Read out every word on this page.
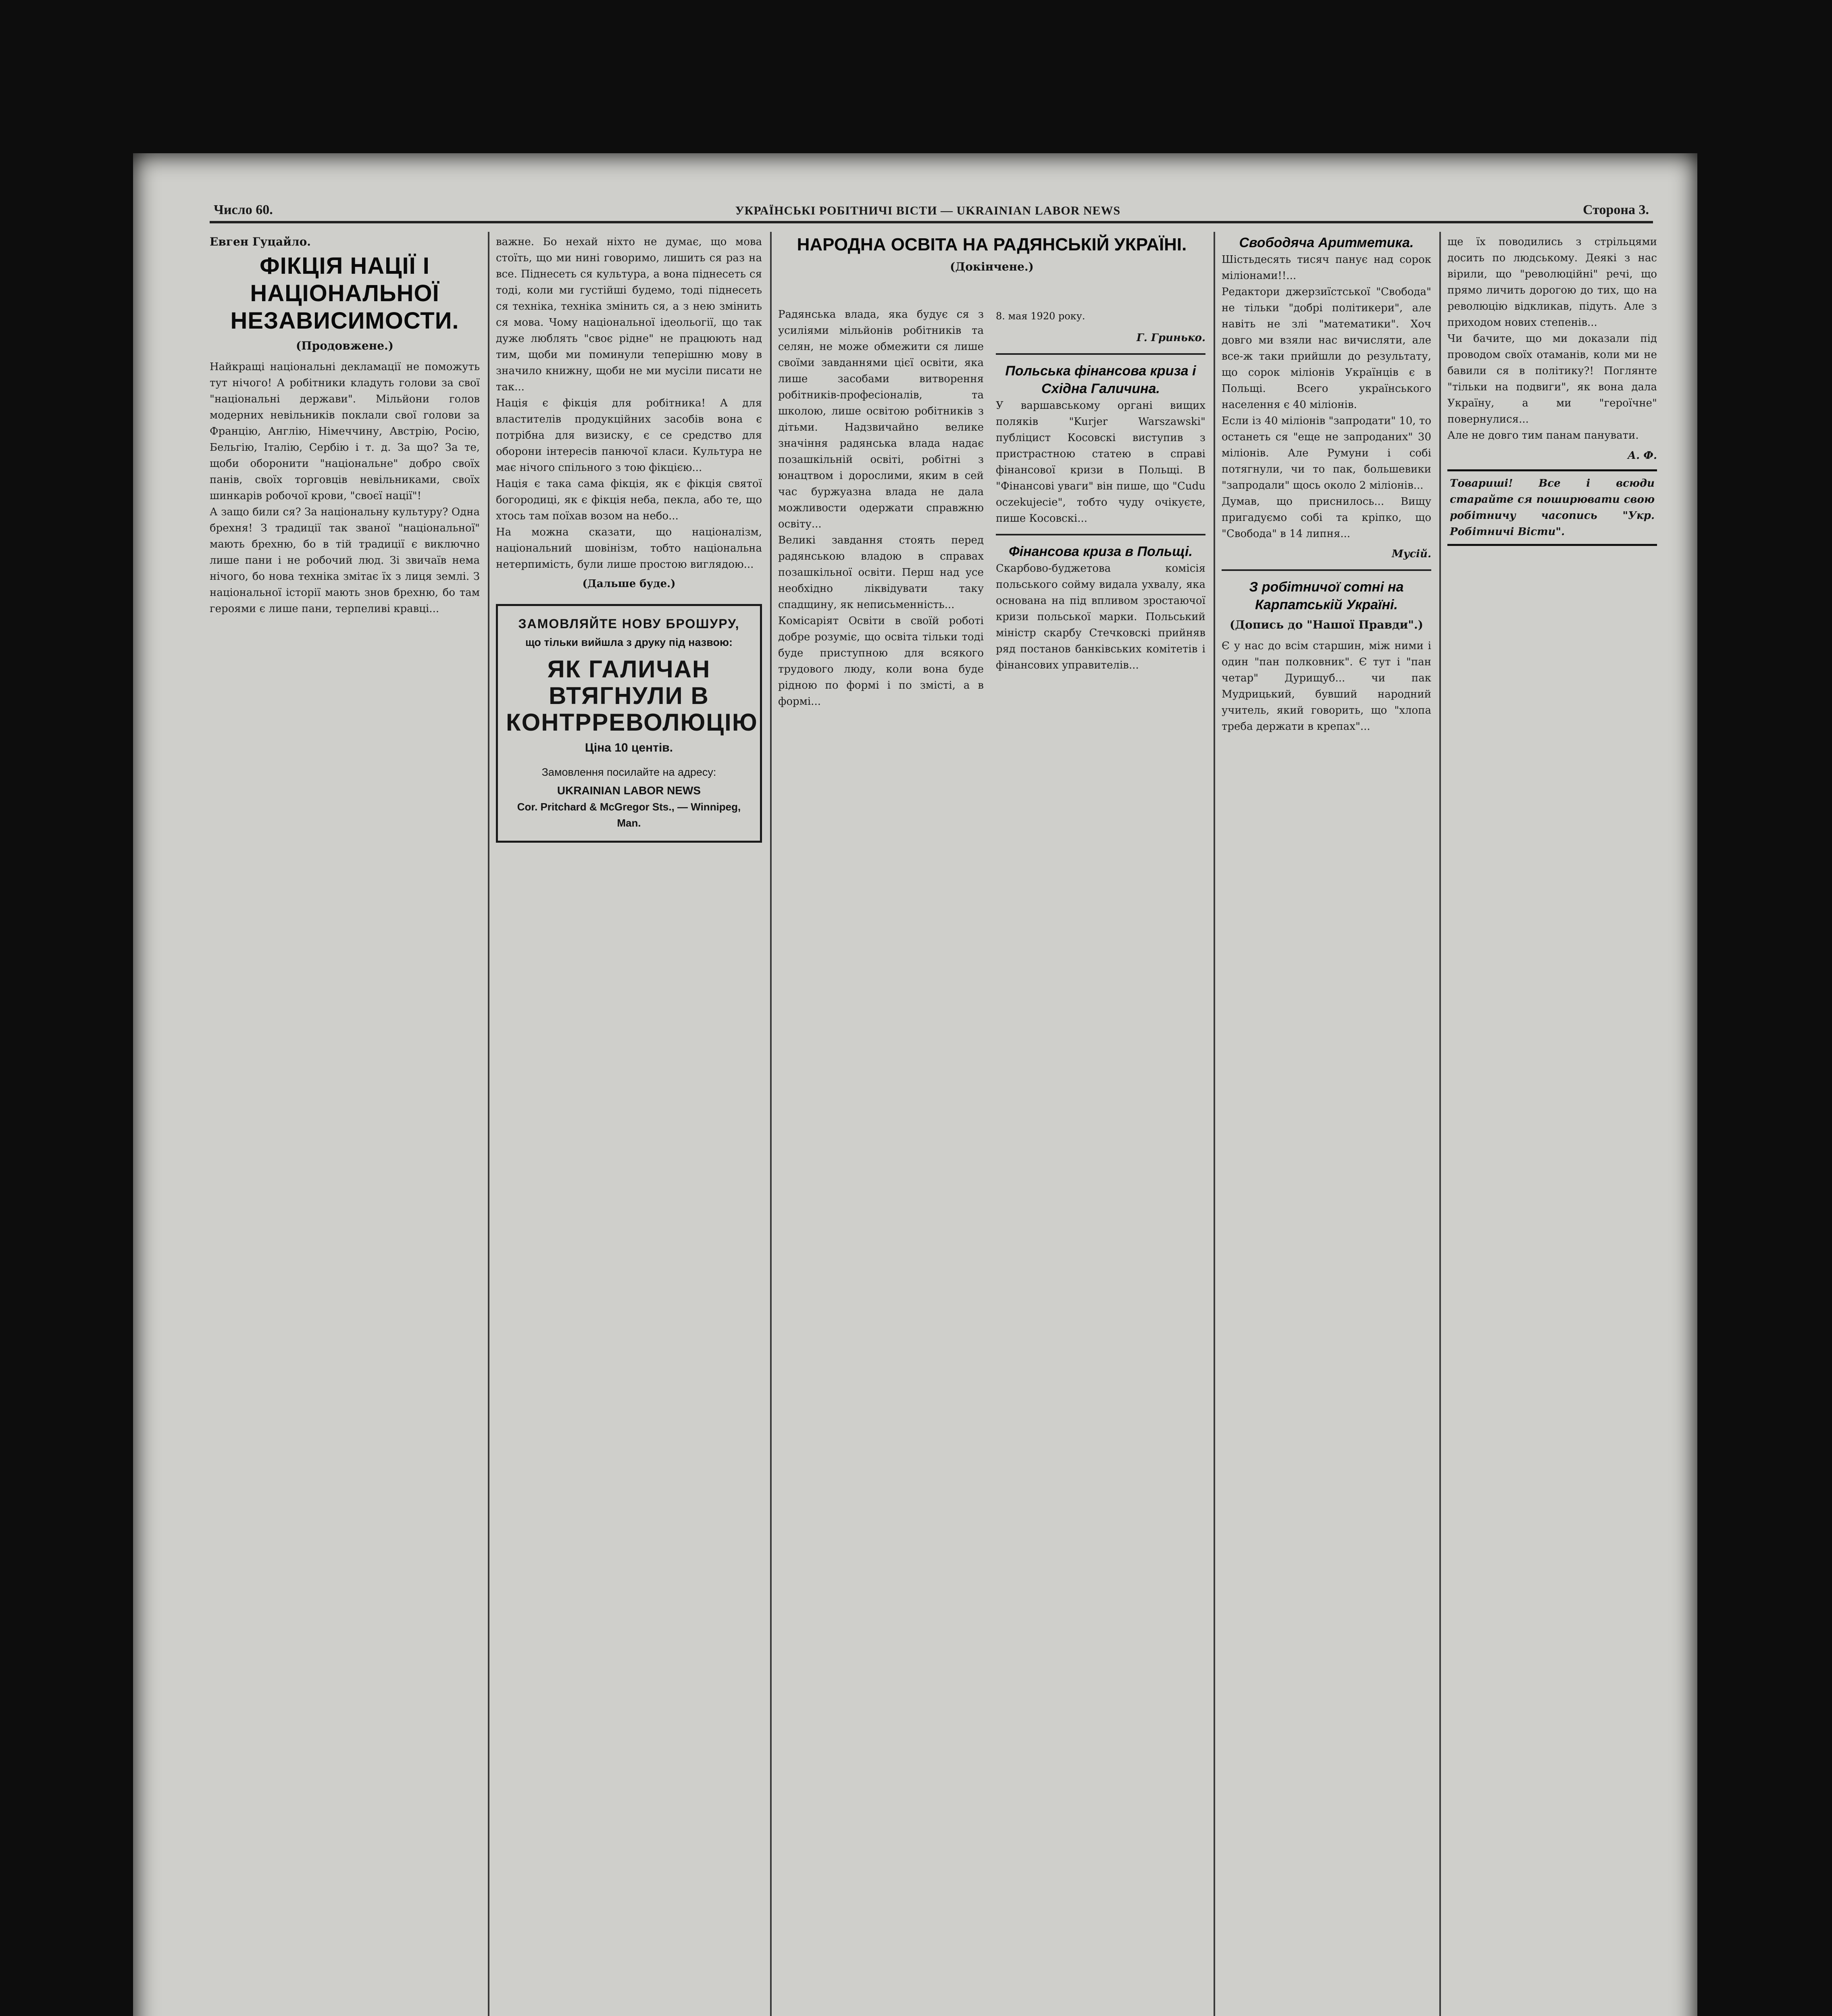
Число 60.	УКРАЇНСЬКІ РОБІТНИЧІ ВІСТИ — UKRAINIAN LABOR NEWS	Сторона 3.
Евген Гуцайло.
ФІКЦІЯ НАЦІЇ І НАЦІОНАЛЬНОЇ НЕЗАВИСИМОСТИ.
(Продовжене.)
Найкращі національні декламації не поможуть тут нічого! А робітники кладуть голови за свої "національні держави". Мільйони голов модерних невільників поклали свої голови за Францію, Англію, Німеччину, Австрію, Росію, Бельгію, Італію, Сербію і т. д. За що? За те, щоби оборонити "національне" добро своїх панів, своїх торговців невільниками, своїх шинкарів робочої крови, "своєї нації"!
А защо били ся? За національну культуру? Одна брехня! З традиції так званої "національної" мають брехню, бо в тій традиції є виключно лише пани і не робочий люд. Зі звичаїв нема нічого, бо нова техніка змітає їх з лиця землі. З національної історії мають знов брехню, бо там героями є лише пани, терпеливі кравці...
важне. Бо нехай ніхто не думає, що мова стоїть, що ми нині говоримо, лишить ся раз на все. Піднесеть ся культура, а вона піднесеть ся тоді, коли ми густійші будемо, тоді піднесеть ся техніка, техніка змінить ся, а з нею змінить ся мова. Чому національної ідеольогії, що так дуже люблять "своє рідне" не працюють над тим, щоби ми поминули теперішню мову в значило книжну, щоби не ми мусіли писати не так...
Нація є фікція для робітника! А для властителів продукційних засобів вона є потрібна для визиску, є се средство для оборони інтересів панючої класи. Культура не має нічого спільного з тою фікцією...
Нація є така сама фікція, як є фікція святої богородиці, як є фікція неба, пекла, або те, що хтось там поїхав возом на небо...
На можна сказати, що націоналізм, національний шовінізм, тобто національна нетерпимість, були лише простою виглядою...
(Дальше буде.)
ЗАМОВЛЯЙТЕ НОВУ БРОШУРУ,
що тільки вийшла з друку під назвою:
ЯК ГАЛИЧАН ВТЯГНУЛИ В КОНТРРЕВОЛЮЦІЮ
Ціна 10 центів.
Замовлення посилайте на адресу:
UKRAINIAN LABOR NEWS
Cor. Pritchard & McGregor Sts., — Winnipeg, Man.
НАРОДНА ОСВІТА НА РАДЯНСЬКІЙ УКРАЇНІ.
(Докінчене.)
Радянська влада, яка будує ся з усиліями мільйонів робітників та селян, не може обмежити ся лише своїми завданнями цієї освіти, яка лише засобами витворення робітників-професіоналів, та школою, лише освітою робітників з дітьми. Надзвичайно велике значіння радянська влада надає позашкільній освіті, робітні з юнацтвом і дорослими, яким в сей час буржуазна влада не дала можливости одержати справжню освіту...
Великі завдання стоять перед радянською владою в справах позашкільної освіти. Перш над усе необхідно ліквідувати таку спадщину, як неписьменність...
Комісаріят Освіти в своїй роботі добре розуміє, що освіта тільки тоді буде приступною для всякого трудового люду, коли вона буде рідною по формі і по змісті, а в формі...
8. мая 1920 року.
Г. Гринько.
Польська фінансова криза і Східна Галичина.
У варшавському органі вищих поляків "Kurjer Warszawski" публіцист Косовскі виступив з пристрастною статею в справі фінансової кризи в Польщі. В "Фінансові уваги" він пише, що "Cudu oczekujecie", тобто чуду очікуєте, пише Косовскі...
Фінансова криза в Польщі.
Скарбово-буджетова комісія польського сойму видала ухвалу, яка основана на під впливом зростаючої кризи польської марки. Польський міністр скарбу Стечковскі прийняв ряд постанов банківських комітетів і фінансових управителів...
Свободяча Аритметика.
Шістьдесять тисяч панує над сорок міліонами!!...
Редактори джерзиїстської "Свобода" не тільки "добрі політикери", але навіть не злі "математики". Хоч довго ми взяли нас вичисляти, але все-ж таки прийшли до результату, що сорок міліонів Українців є в Польщі. Всего українського населення є 40 міліонів.
Если із 40 міліонів "запродати" 10, то останеть ся "еще не запроданих" 30 міліонів. Але Румуни і собі потягнули, чи то пак, большевики "запродали" щось около 2 міліонів...
Думав, що приснилось... Вищу пригадуємо собі та кріпко, що "Свобода" в 14 липня...
Мусій.
З робітничої сотні на Карпатській Україні.
(Допись до "Нашої Правди".)
Є у нас до всім старшин, між ними і один "пан полковник". Є тут і "пан четар" Дурищуб... чи пак Мудрицький, бувший народний учитель, який говорить, що "хлопа треба держати в крепах"...
ще їх поводились з стрільцями досить по людському. Деякі з нас вірили, що "революційні" речі, що прямо личить дорогою до тих, що на революцію відкликав, підуть. Але з приходом нових степенів...
Чи бачите, що ми доказали під проводом своїх отаманів, коли ми не бавили ся в політику?! Поглянте "тільки на подвиги", як вона дала Україну, а ми "героїчне" повернулися...
Але не довго тим панам панувати.
А. Ф.
Товариші! Все і всюди старайте ся поширювати свою робітничу часопись "Укр. Робітничі Вісти".
